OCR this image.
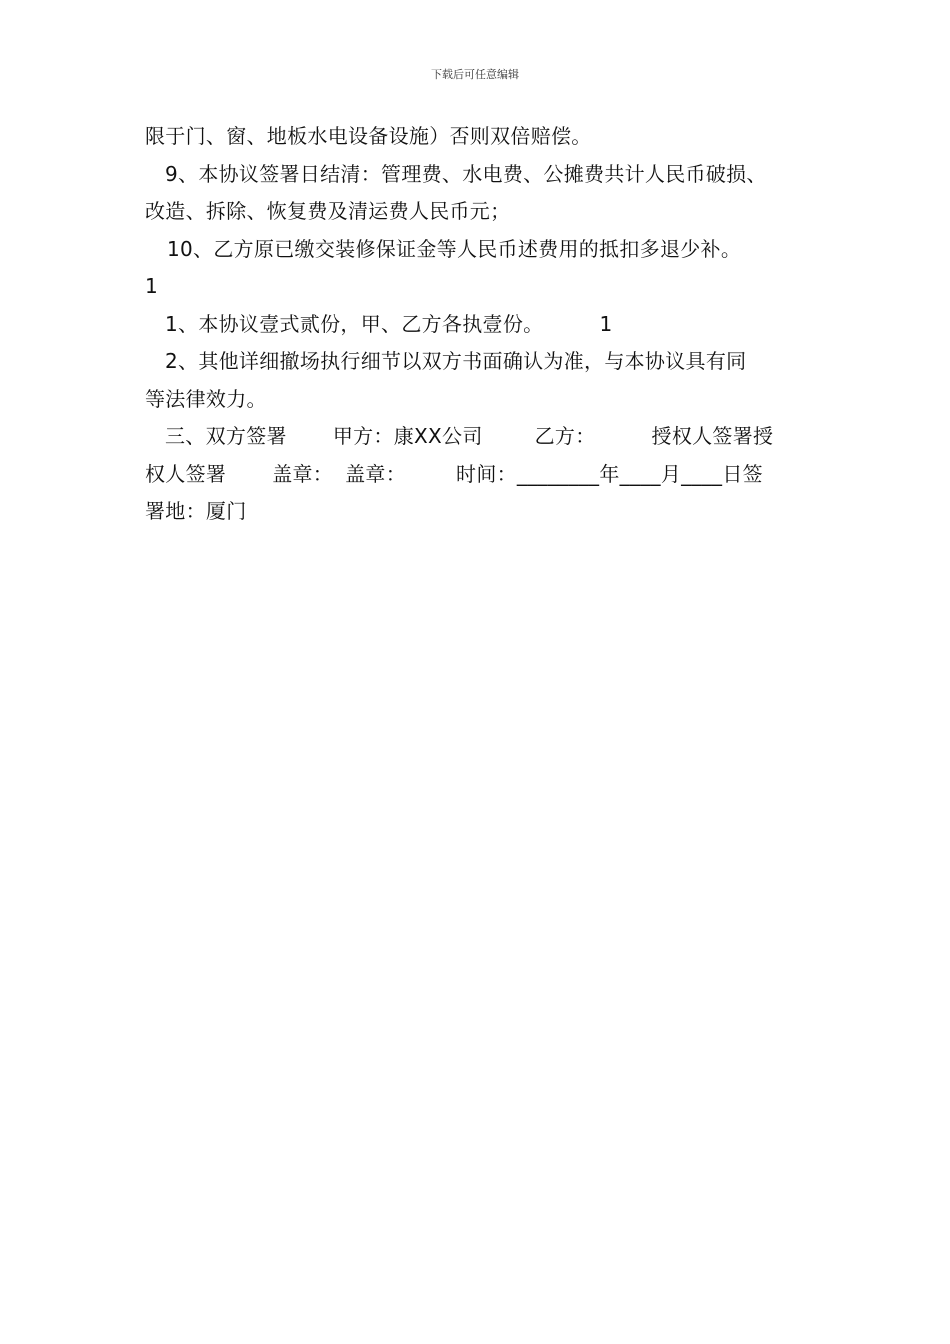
下载后可任意编辑
限于门、窗、地板水电设备设施）否则双倍赔偿。
9、本协议签署日结清：管理费、水电费、公摊费共计人民币破损、
改造、拆除、恢复费及清运费人民币元；
10、乙方原已缴交装修保证金等人民币述费用的抵扣多退少补。
1
1、本协议壹式贰份，甲、乙方各执壹份。	1
2、其他详细撤场执行细节以双方书面确认为准，与本协议具有同
等法律效力。
三、双方签署 甲方：康XX公司	乙方：	授权人签署授
权人签署 盖章： 盖章：	时间：________年____月____日签
署地：厦门
